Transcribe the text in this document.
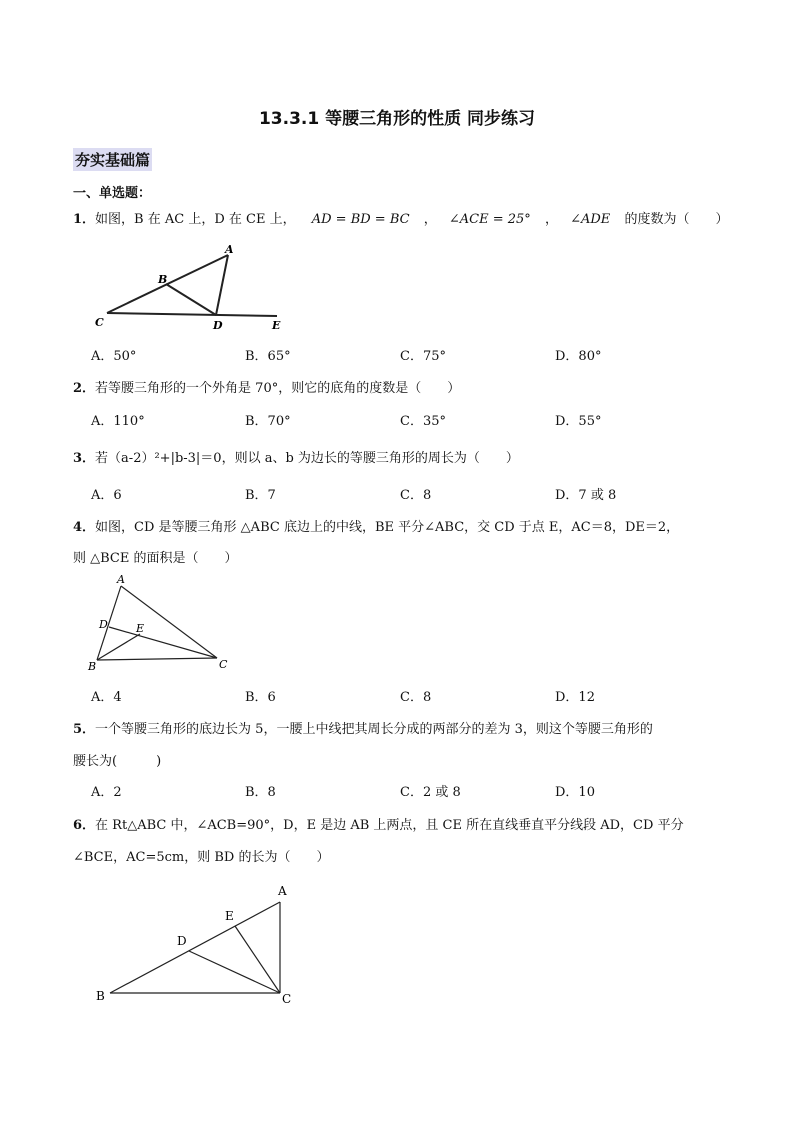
13.3.1 等腰三角形的性质 同步练习
夯实基础篇
一、单选题：
1．如图，B 在 AC 上，D 在 CE 上， AD = BD = BC ， ∠ACE = 25° ， ∠ADE 的度数为（　　）
A
B
C	D	E
A．50°	B．65°	C．75°	D．80°
2．若等腰三角形的一个外角是 70°，则它的底角的度数是（　　）
A．110°	B．70°	C．35°	D．55°
3．若（a-2）²+|b-3|＝0，则以 a、b 为边长的等腰三角形的周长为（　　）
A．6	B．7	C．8	D．7 或 8
4．如图，CD 是等腰三角形 △ABC 底边上的中线，BE 平分∠ABC，交 CD 于点 E，AC＝8，DE＝2，
则 △BCE 的面积是（　　）
A
B	C
D	E
A．4	B．6	C．8	D．12
5．一个等腰三角形的底边长为 5，一腰上中线把其周长分成的两部分的差为 3，则这个等腰三角形的
腰长为(　　　)
A．2	B．8	C．2 或 8	D．10
6．在 Rt△ABC 中，∠ACB=90°，D，E 是边 AB 上两点，且 CE 所在直线垂直平分线段 AD，CD 平分
∠BCE，AC=5cm，则 BD 的长为（　　）
A
B	C
D
E
